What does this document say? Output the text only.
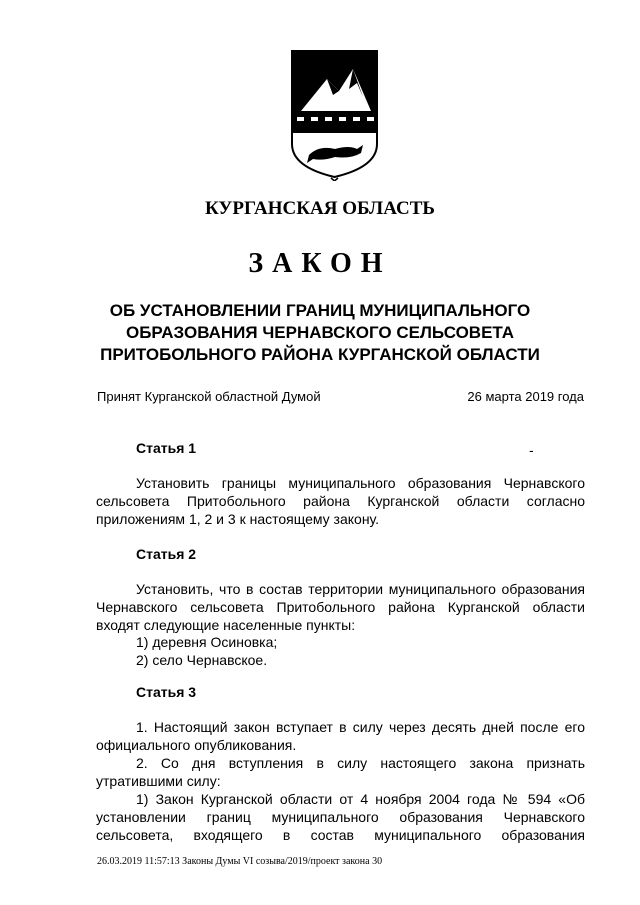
КУРГАНСКАЯ ОБЛАСТЬ
ЗАКОН
ОБ УСТАНОВЛЕНИИ ГРАНИЦ МУНИЦИПАЛЬНОГО
ОБРАЗОВАНИЯ ЧЕРНАВСКОГО СЕЛЬСОВЕТА
ПРИТОБОЛЬНОГО РАЙОНА КУРГАНСКОЙ ОБЛАСТИ
Принят Курганской областной Думой	26 марта 2019 года
Статья 1	-
Установить границы муниципального образования Чернавского сельсовета Притобольного района Курганской области согласно приложениям 1, 2 и 3 к настоящему закону.
Статья 2
Установить, что в состав территории муниципального образования Чернавского сельсовета Притобольного района Курганской области входят следующие населенные пункты:
1) деревня Осиновка;
2) село Чернавское.
Статья 3
1. Настоящий закон вступает в силу через десять дней после его официального опубликования.
2. Со дня вступления в силу настоящего закона признать утратившими силу:
1) Закон Курганской области от 4 ноября 2004 года № 594 «Об установлении границ муниципального образования Чернавского сельсовета, входящего в состав муниципального образования
26.03.2019 11:57:13 Законы Думы VI созыва/2019/проект закона 30
